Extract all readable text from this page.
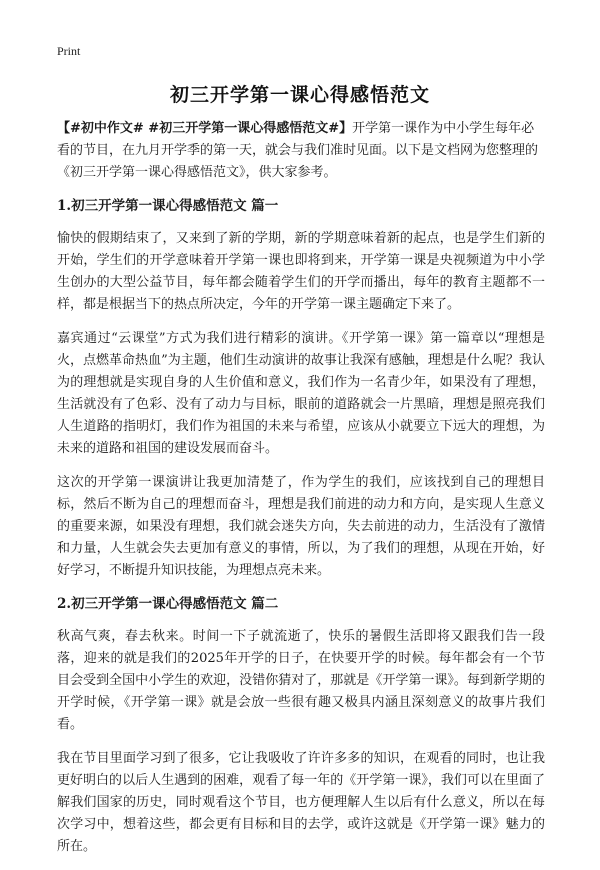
Print
初三开学第一课心得感悟范文

【#初中作文# #初三开学第一课心得感悟范文#】开学第一课作为中小学生每年必看的节目，在九月开学季的第一天，就会与我们准时见面。以下是文档网为您整理的《初三开学第一课心得感悟范文》，供大家参考。

1.初三开学第一课心得感悟范文 篇一

愉快的假期结束了，又来到了新的学期，新的学期意味着新的起点，也是学生们新的开始，学生们的开学意味着开学第一课也即将到来，开学第一课是央视频道为中小学生创办的大型公益节目，每年都会随着学生们的开学而播出，每年的教育主题都不一样，都是根据当下的热点所决定，今年的开学第一课主题确定下来了。

嘉宾通过“云课堂”方式为我们进行精彩的演讲。《开学第一课》第一篇章以“理想是火，点燃革命热血”为主题，他们生动演讲的故事让我深有感触，理想是什么呢？我认为的理想就是实现自身的人生价值和意义，我们作为一名青少年，如果没有了理想，生活就没有了色彩、没有了动力与目标，眼前的道路就会一片黑暗，理想是照亮我们人生道路的指明灯，我们作为祖国的未来与希望，应该从小就要立下远大的理想，为未来的道路和祖国的建设发展而奋斗。

这次的开学第一课演讲让我更加清楚了，作为学生的我们，应该找到自己的理想目标，然后不断为自己的理想而奋斗，理想是我们前进的动力和方向，是实现人生意义的重要来源，如果没有理想，我们就会迷失方向，失去前进的动力，生活没有了激情和力量，人生就会失去更加有意义的事情，所以，为了我们的理想，从现在开始，好好学习，不断提升知识技能，为理想点亮未来。

2.初三开学第一课心得感悟范文 篇二

秋高气爽，春去秋来。时间一下子就流逝了，快乐的暑假生活即将又跟我们告一段落，迎来的就是我们的2025年开学的日子，在快要开学的时候。每年都会有一个节目会受到全国中小学生的欢迎，没错你猜对了，那就是《开学第一课》。每到新学期的开学时候，《开学第一课》就是会放一些很有趣又极具内涵且深刻意义的故事片我们看。

我在节目里面学习到了很多，它让我吸收了许许多多的知识，在观看的同时，也让我更好明白的以后人生遇到的困难，观看了每一年的《开学第一课》，我们可以在里面了解我们国家的历史，同时观看这个节目，也方便理解人生以后有什么意义，所以在每次学习中，想着这些，都会更有目标和目的去学，或许这就是《开学第一课》魅力的所在。
